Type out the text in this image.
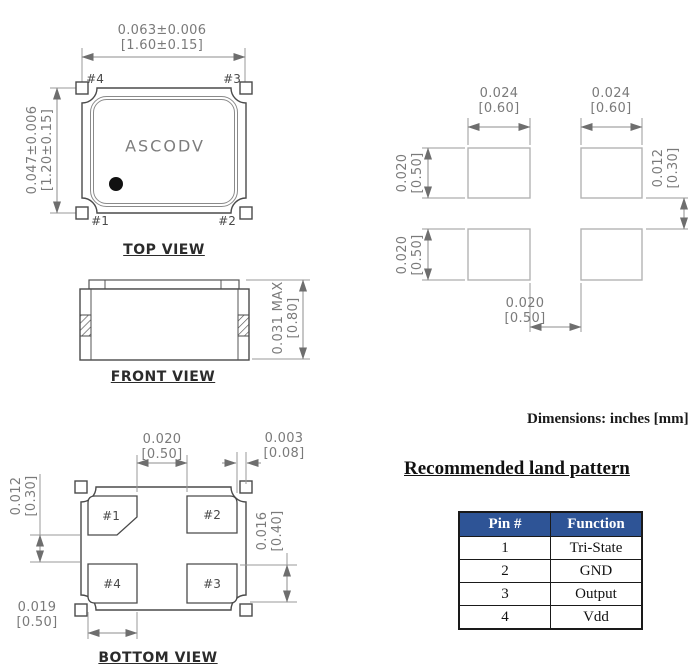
0.063±0.006
[1.60±0.15]
0.047±0.006 [1.20±0.15]
#4	#3
#1	#2
ASCODV
TOP VIEW
0.031 MAX [0.80]
FRONT VIEW
0.020
[0.50]
0.003
[0.08]
0.012 [0.30]
0.016 [0.40]
0.019
[0.50]
#1	#2
#4	#3
BOTTOM VIEW
0.024
[0.60]
0.024
[0.60]
0.020 [0.50]
0.020 [0.50]
0.012 [0.30]
0.020
[0.50]
Dimensions: inches [mm]
Recommended land pattern
Pin #	Function
1	Tri-State
2	GND
3	Output
4	Vdd
